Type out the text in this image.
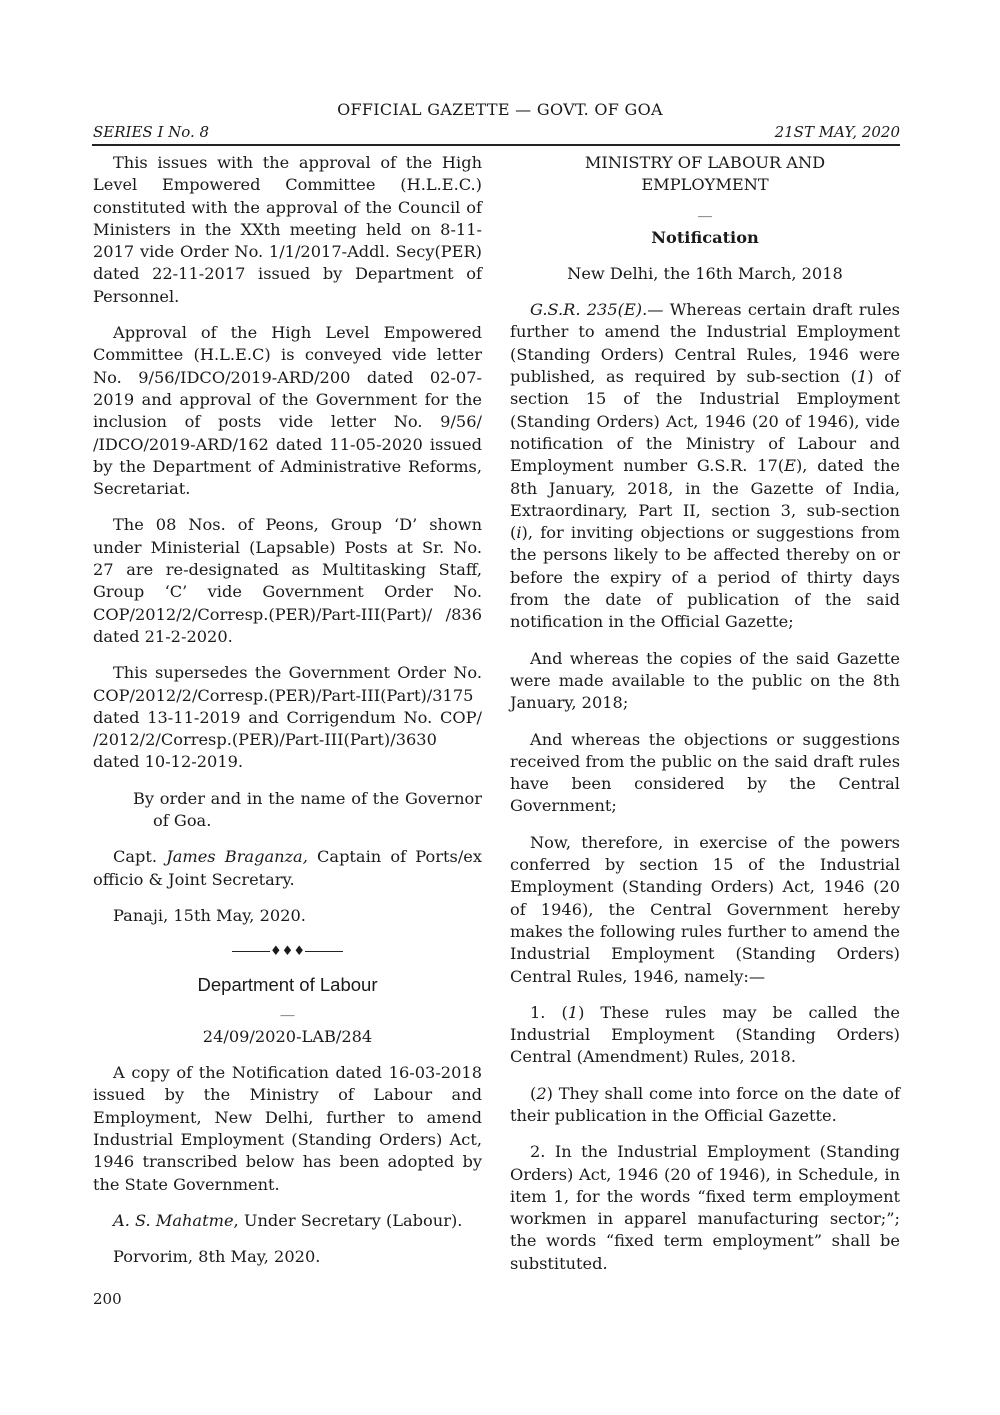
OFFICIAL GAZETTE — GOVT. OF GOA
SERIES I No. 8	21ST MAY, 2020

This issues with the approval of the High Level Empowered Committee (H.L.E.C.) constituted with the approval of the Council of Ministers in the XXth meeting held on 8-11-2017 vide Order No. 1/1/2017-Addl. Secy(PER) dated 22-11-2017 issued by Department of Personnel.

Approval of the High Level Empowered Committee (H.L.E.C) is conveyed vide letter No. 9/56/IDCO/2019-ARD/200 dated 02-07-2019 and approval of the Government for the inclusion of posts vide letter No. 9/56/ /IDCO/2019-ARD/162 dated 11-05-2020 issued by the Department of Administrative Reforms, Secretariat.

The 08 Nos. of Peons, Group ‘D’ shown under Ministerial (Lapsable) Posts at Sr. No. 27 are re-designated as Multitasking Staff, Group ‘C’ vide Government Order No. COP/2012/2/Corresp.(PER)/Part-III(Part)/ /836 dated 21-2-2020.

This supersedes the Government Order No. COP/2012/2/Corresp.(PER)/Part-III(Part)/3175 dated 13-11-2019 and Corrigendum No. COP/ /2012/2/Corresp.(PER)/Part-III(Part)/3630 dated 10-12-2019.

By order and in the name of the Governor of Goa.

Capt. James Braganza, Captain of Ports/ex officio & Joint Secretary.

Panaji, 15th May, 2020.

♦♦♦
Department of Labour
__

24/09/2020-LAB/284

A copy of the Notification dated 16-03-2018 issued by the Ministry of Labour and Employment, New Delhi, further to amend Industrial Employment (Standing Orders) Act, 1946 transcribed below has been adopted by the State Government.

A. S. Mahatme, Under Secretary (Labour).

Porvorim, 8th May, 2020.

MINISTRY OF LABOUR AND
EMPLOYMENT

__

Notification

New Delhi, the 16th March, 2018

G.S.R. 235(E).— Whereas certain draft rules further to amend the Industrial Employment (Standing Orders) Central Rules, 1946 were published, as required by sub-section (1) of section 15 of the Industrial Employment (Standing Orders) Act, 1946 (20 of 1946), vide notification of the Ministry of Labour and Employment number G.S.R. 17(E), dated the 8th January, 2018, in the Gazette of India, Extraordinary, Part II, section 3, sub-section (i), for inviting objections or suggestions from the persons likely to be affected thereby on or before the expiry of a period of thirty days from the date of publication of the said notification in the Official Gazette;

And whereas the copies of the said Gazette were made available to the public on the 8th January, 2018;

And whereas the objections or suggestions received from the public on the said draft rules have been considered by the Central Government;

Now, therefore, in exercise of the powers conferred by section 15 of the Industrial Employment (Standing Orders) Act, 1946 (20 of 1946), the Central Government hereby makes the following rules further to amend the Industrial Employment (Standing Orders) Central Rules, 1946, namely:—

1. (1) These rules may be called the Industrial Employment (Standing Orders) Central (Amendment) Rules, 2018.

(2) They shall come into force on the date of their publication in the Official Gazette.

2. In the Industrial Employment (Standing Orders) Act, 1946 (20 of 1946), in Schedule, in item 1, for the words “fixed term employment workmen in apparel manufacturing sector;”; the words “fixed term employment” shall be substituted.

200
